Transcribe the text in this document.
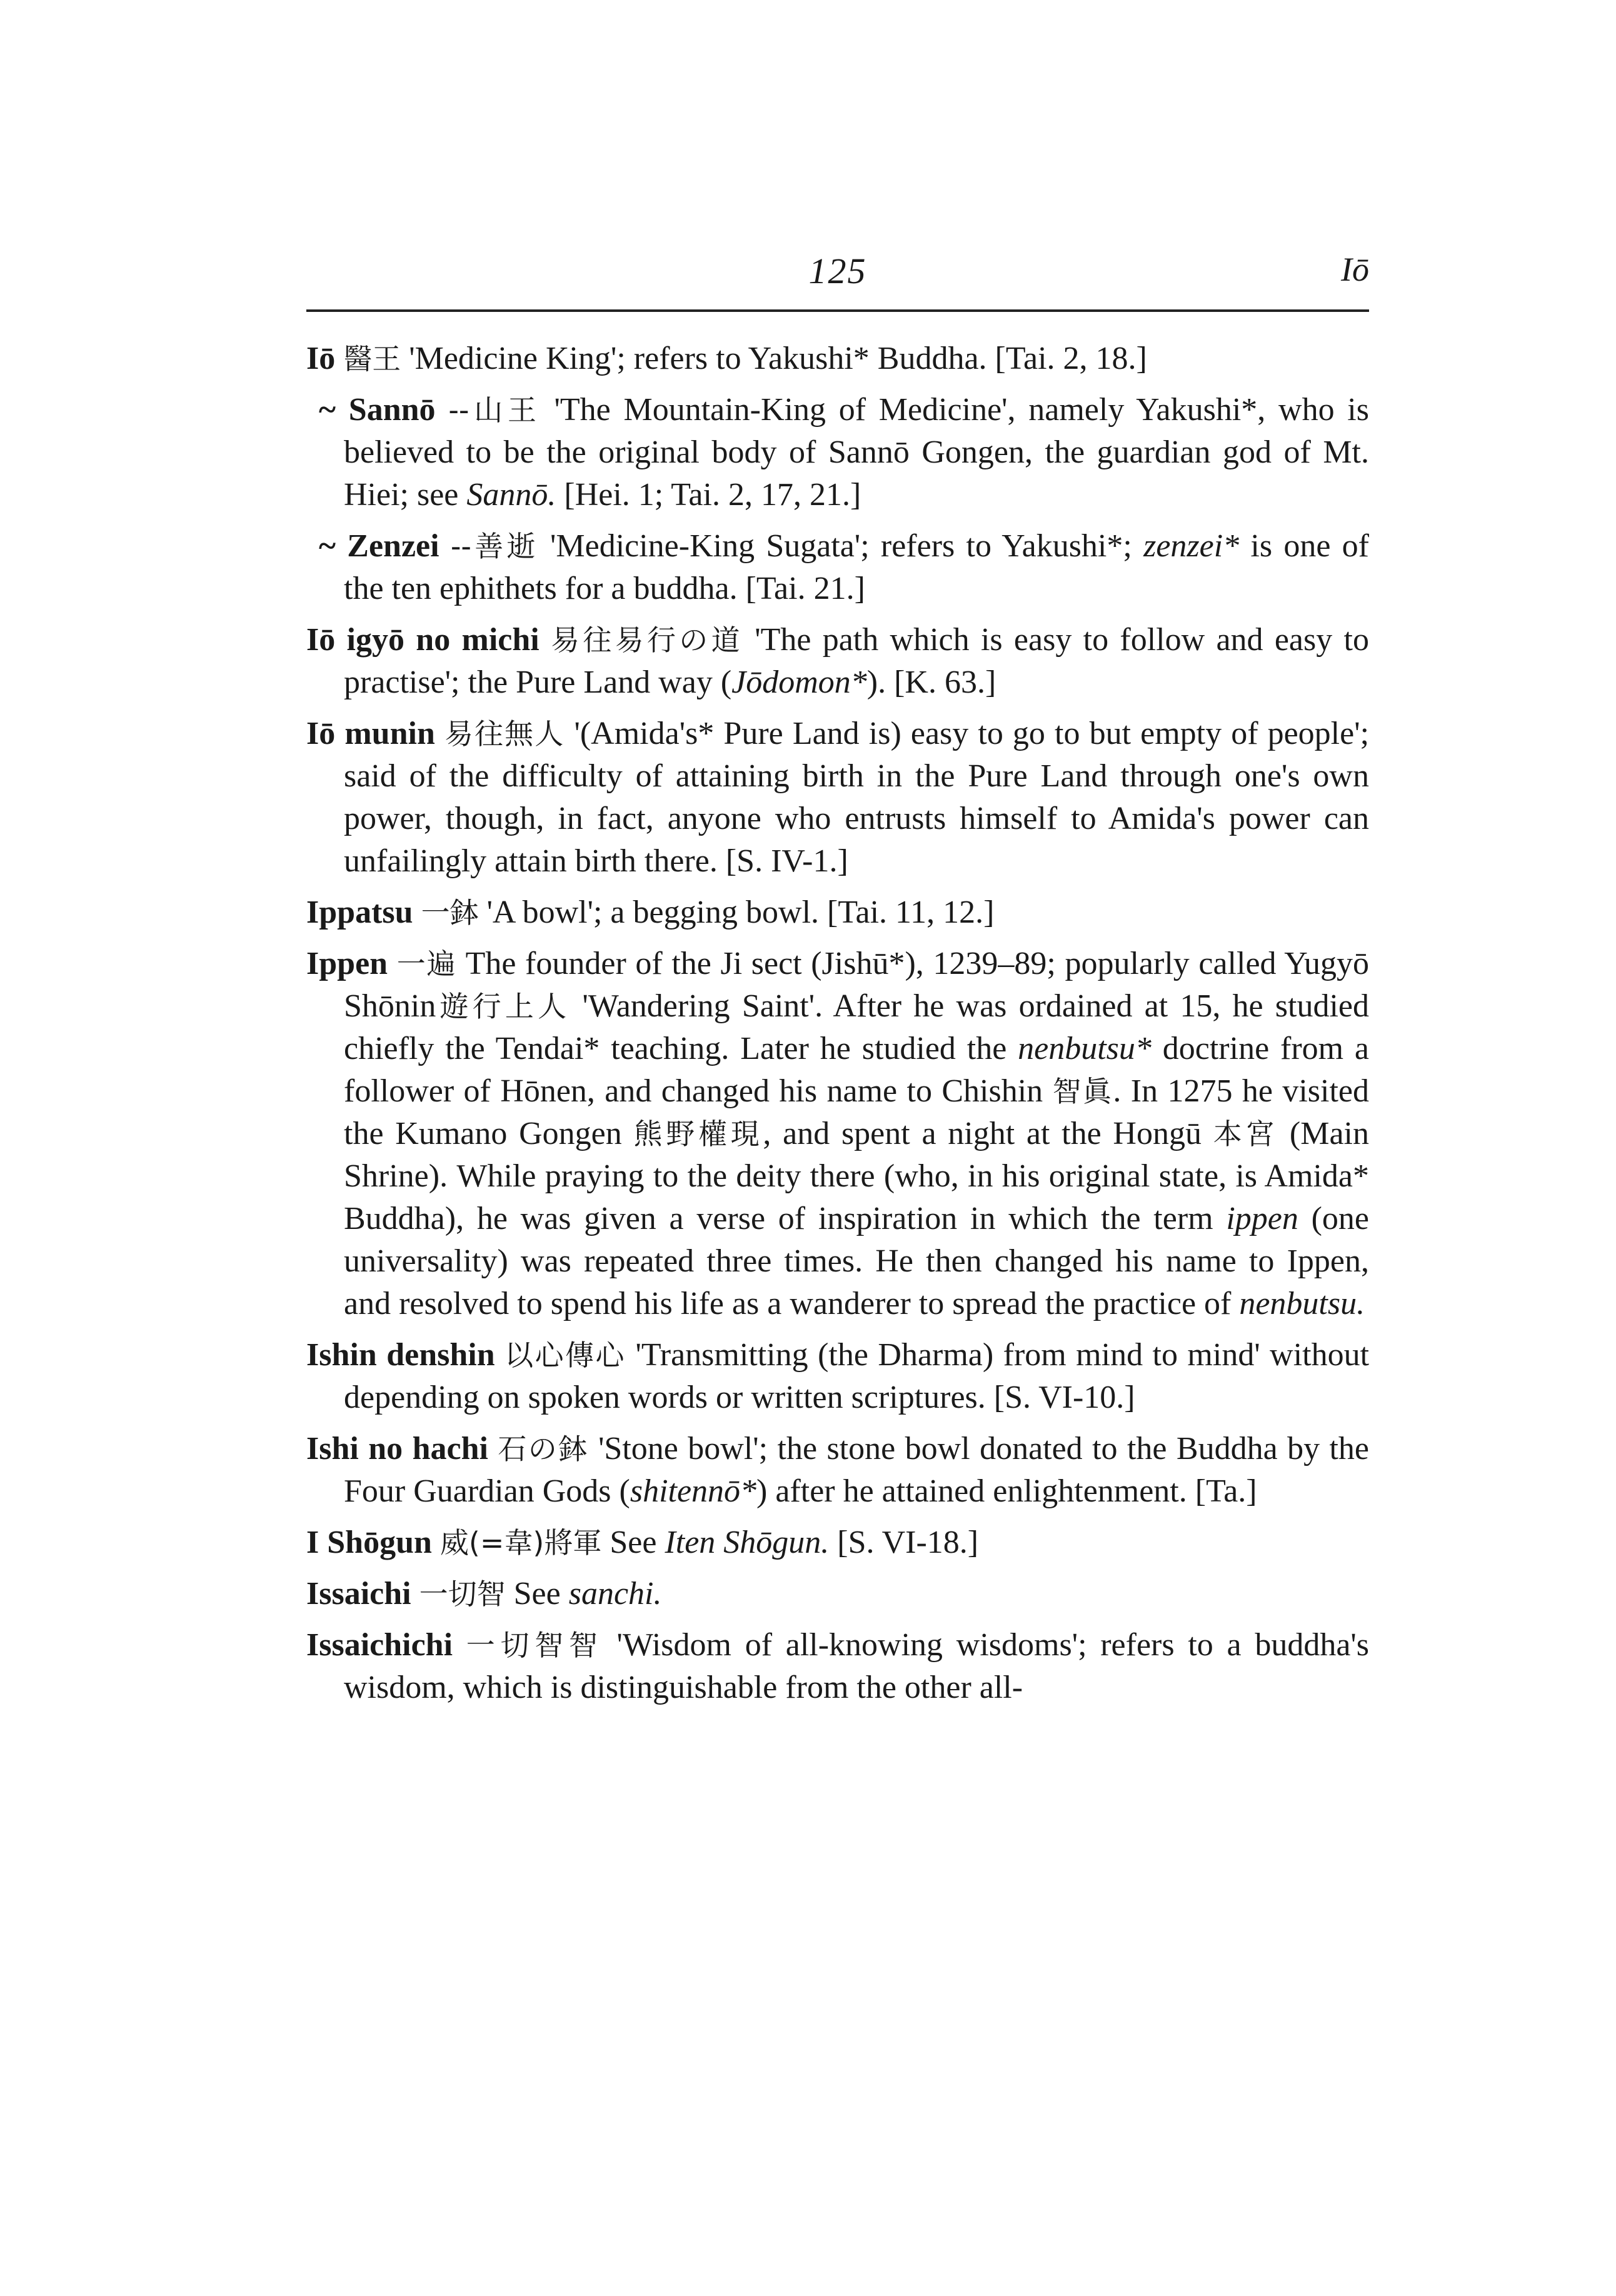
125	Iō

Iō 醫王 'Medicine King'; refers to Yakushi* Buddha. [Tai. 2, 18.]

~ Sannō --山王 'The Mountain-King of Medicine', namely Yakushi*, who is believed to be the original body of Sannō Gongen, the guardian god of Mt. Hiei; see Sannō. [Hei. 1; Tai. 2, 17, 21.]

~ Zenzei --善逝 'Medicine-King Sugata'; refers to Yakushi*; zenzei* is one of the ten ephithets for a buddha. [Tai. 21.]

Iō igyō no michi 易往易行の道 'The path which is easy to follow and easy to practise'; the Pure Land way (Jōdomon*). [K. 63.]

Iō munin 易往無人 '(Amida's* Pure Land is) easy to go to but empty of people'; said of the difficulty of attaining birth in the Pure Land through one's own power, though, in fact, anyone who entrusts himself to Amida's power can unfailingly attain birth there. [S. IV-1.]

Ippatsu 一鉢 'A bowl'; a begging bowl. [Tai. 11, 12.]

Ippen 一遍 The founder of the Ji sect (Jishū*), 1239–89; popularly called Yugyō Shōnin遊行上人 'Wandering Saint'. After he was ordained at 15, he studied chiefly the Tendai* teaching. Later he studied the nenbutsu* doctrine from a follower of Hōnen, and changed his name to Chishin 智眞. In 1275 he visited the Kumano Gongen 熊野權現, and spent a night at the Hongū 本宮 (Main Shrine). While praying to the deity there (who, in his original state, is Amida* Buddha), he was given a verse of inspiration in which the term ippen (one universality) was repeated three times. He then changed his name to Ippen, and resolved to spend his life as a wanderer to spread the practice of nenbutsu.

Ishin denshin 以心傳心 'Transmitting (the Dharma) from mind to mind' without depending on spoken words or written scriptures. [S. VI-10.]

Ishi no hachi 石の鉢 'Stone bowl'; the stone bowl donated to the Buddha by the Four Guardian Gods (shitennō*) after he attained enlightenment. [Ta.]

I Shōgun 威(=韋)將軍 See Iten Shōgun. [S. VI-18.]

Issaichi 一切智 See sanchi.

Issaichichi 一切智智 'Wisdom of all-knowing wisdoms'; refers to a buddha's wisdom, which is distinguishable from the other all-
